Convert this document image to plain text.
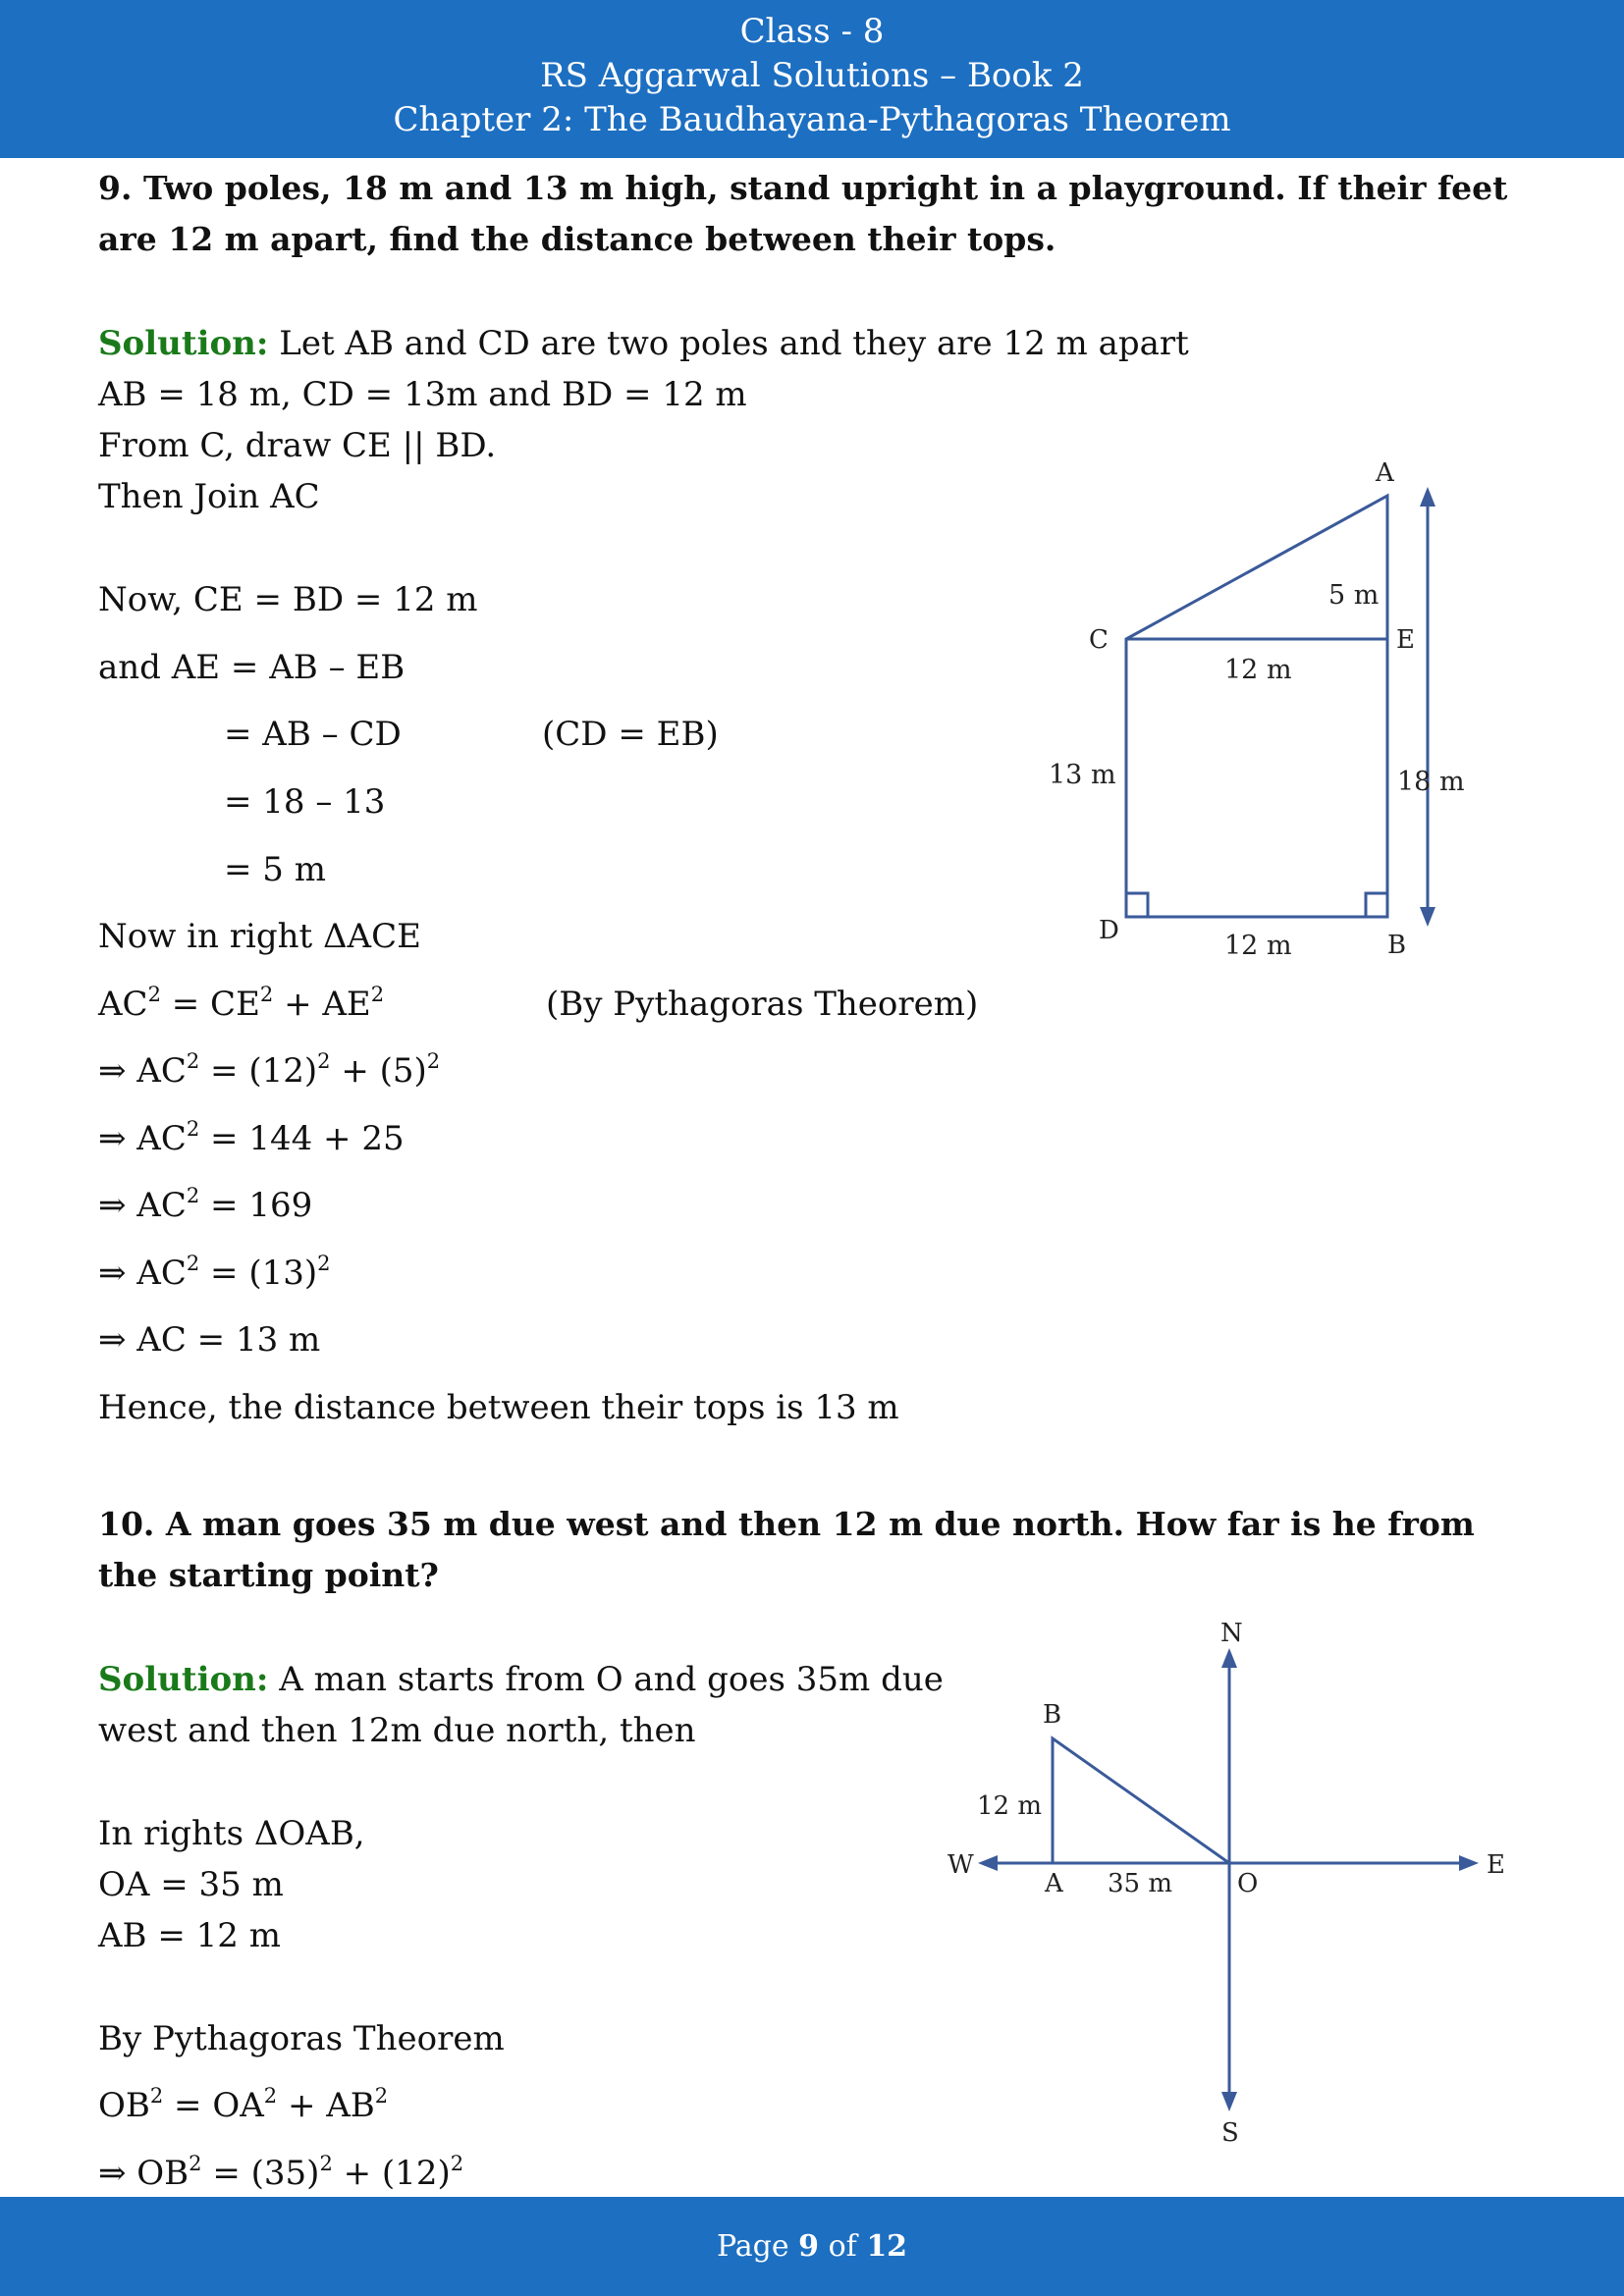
Class - 8
RS Aggarwal Solutions – Book 2
Chapter 2: The Baudhayana-Pythagoras Theorem
9. Two poles, 18 m and 13 m high, stand upright in a playground. If their feet are 12 m apart, find the distance between their tops.
Solution: Let AB and CD are two poles and they are 12 m apart
AB = 18 m, CD = 13m and BD = 12 m
From C, draw CE || BD.
Then Join AC
Now, CE = BD = 12 m
and AE = AB – EB
= AB – CD	(CD = EB)
= 18 – 13
= 5 m
Now in right ΔACE
$AC^2 = CE^2 + AE^2$	(By Pythagoras Theorem)
⇒ $AC^2 = (12)^2 + (5)^2$
⇒ $AC^2 = 144 + 25$
⇒ $AC^2 = 169$
⇒ $AC^2 = (13)^2$
⇒ AC = 13 m
Hence, the distance between their tops is 13 m
A
C	E
D	B
5 m
12 m
13 m	18 m
12 m
10. A man goes 35 m due west and then 12 m due north. How far is he from the starting point?
Solution: A man starts from O and goes 35m due
west and then 12m due north, then
In rights ΔOAB,
OA = 35 m
AB = 12 m
By Pythagoras Theorem
$OB^2 = OA^2 + AB^2$
⇒ $OB^2 = (35)^2 + (12)^2$
N
S
E
W
B
A	O
12 m
35 m
Page 9 of 12
